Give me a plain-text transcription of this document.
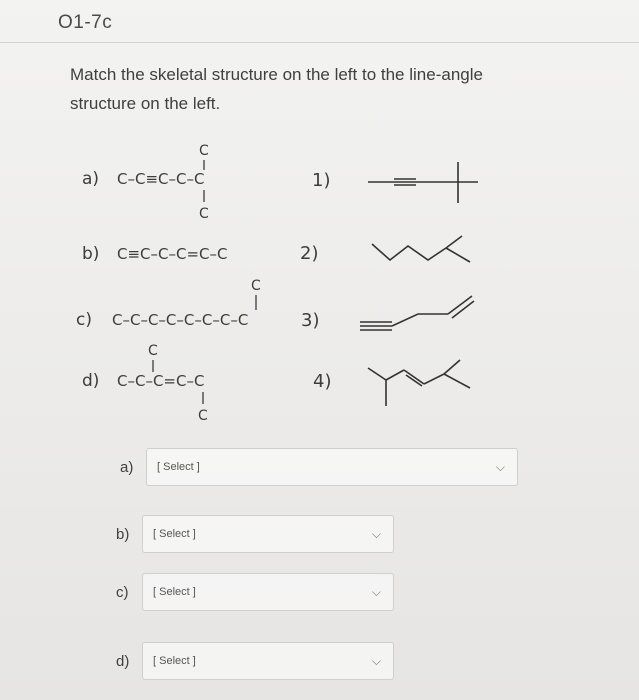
O1-7c
Match the skeletal structure on the left to the line-angle structure on the left.
a) C–C≡C–C–C
C
C
b) C≡C–C–C=C–C
C
c) C–C–C–C–C–C–C–C
C
d) C–C–C=C–C
C
1)
2)
3)
4)
a)	[ Select ]	⌵
b)	[ Select ]	⌵
c)	[ Select ]	⌵
d)	[ Select ]	⌵
